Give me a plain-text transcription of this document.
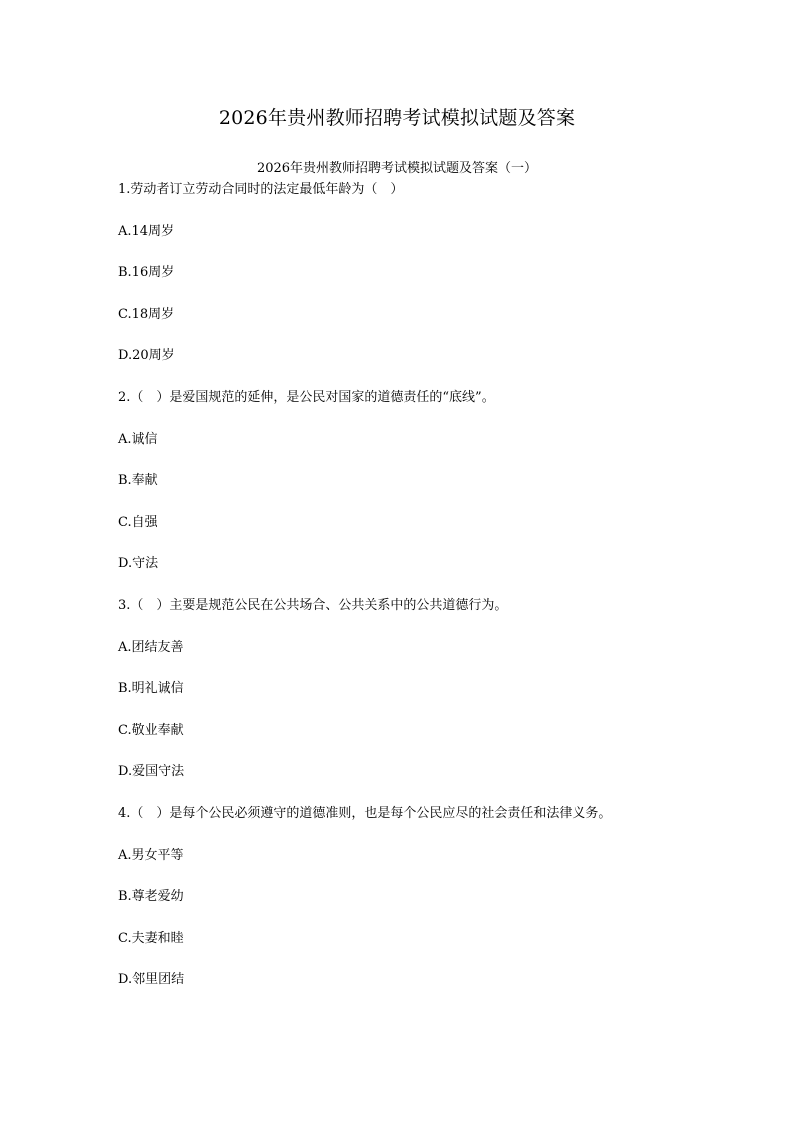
2026年贵州教师招聘考试模拟试题及答案
2026年贵州教师招聘考试模拟试题及答案（一）
1.劳动者订立劳动合同时的法定最低年龄为（　）
A.14周岁
B.16周岁
C.18周岁
D.20周岁
2.（　）是爱国规范的延伸，是公民对国家的道德责任的“底线”。
A.诚信
B.奉献
C.自强
D.守法
3.（　）主要是规范公民在公共场合、公共关系中的公共道德行为。
A.团结友善
B.明礼诚信
C.敬业奉献
D.爱国守法
4.（　）是每个公民必须遵守的道德准则，也是每个公民应尽的社会责任和法律义务。
A.男女平等
B.尊老爱幼
C.夫妻和睦
D.邻里团结
